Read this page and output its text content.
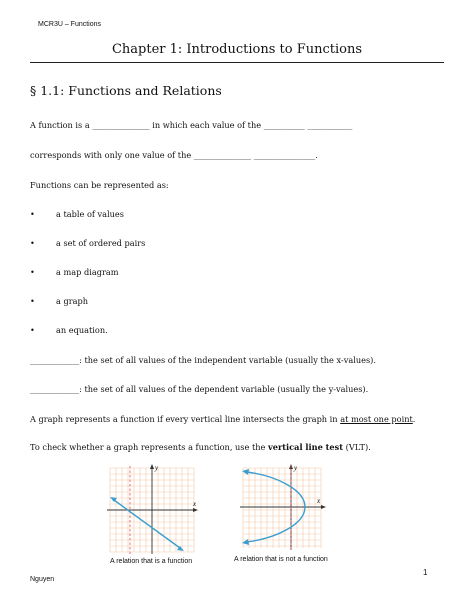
MCR3U – Functions
Chapter 1: Introductions to Functions
§ 1.1: Functions and Relations
A function is a ______________ in which each value of the __________ ___________
corresponds with only one value of the ______________ _______________.
Functions can be represented as:
•	a table of values
•	a set of ordered pairs
•	a map diagram
•	a graph
•	an equation.
____________: the set of all values of the independent variable (usually the x-values).
____________: the set of all values of the dependent variable (usually the y-values).
A graph represents a function if every vertical line intersects the graph in at most one point.
To check whether a graph represents a function, use the vertical line test (VLT).
x
y
A relation that is a function
x
y
A relation that is not a function
1
Nguyen
